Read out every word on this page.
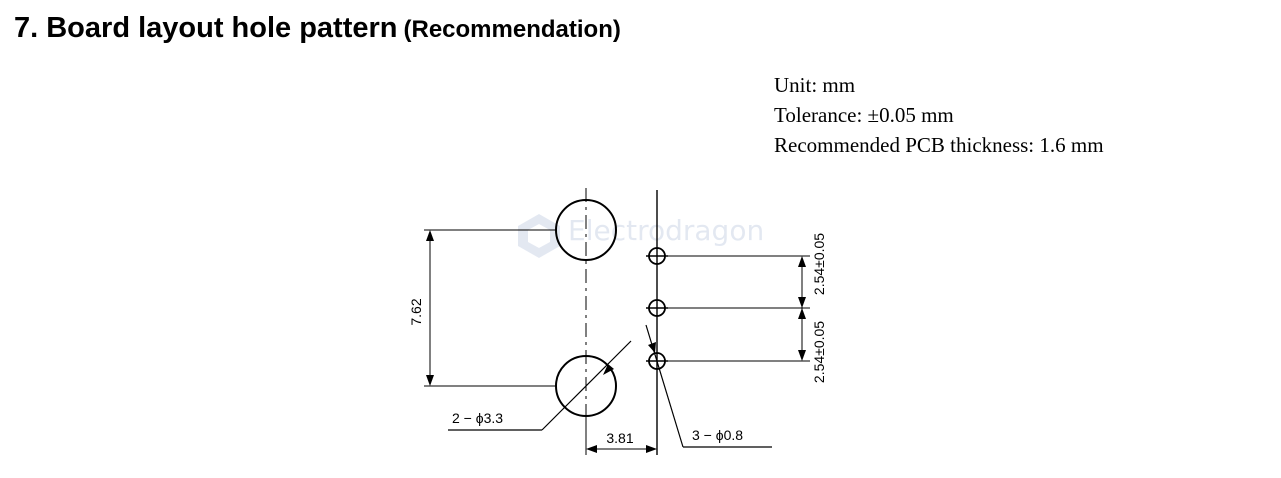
7. Board layout hole pattern (Recommendation)
Unit: mm
Tolerance: ±0.05 mm
Recommended PCB thickness: 1.6 mm
Electrodragon
7.62
2.54±0.05
2.54±0.05
3.81
2 − ϕ3.3
3 − ϕ0.8
